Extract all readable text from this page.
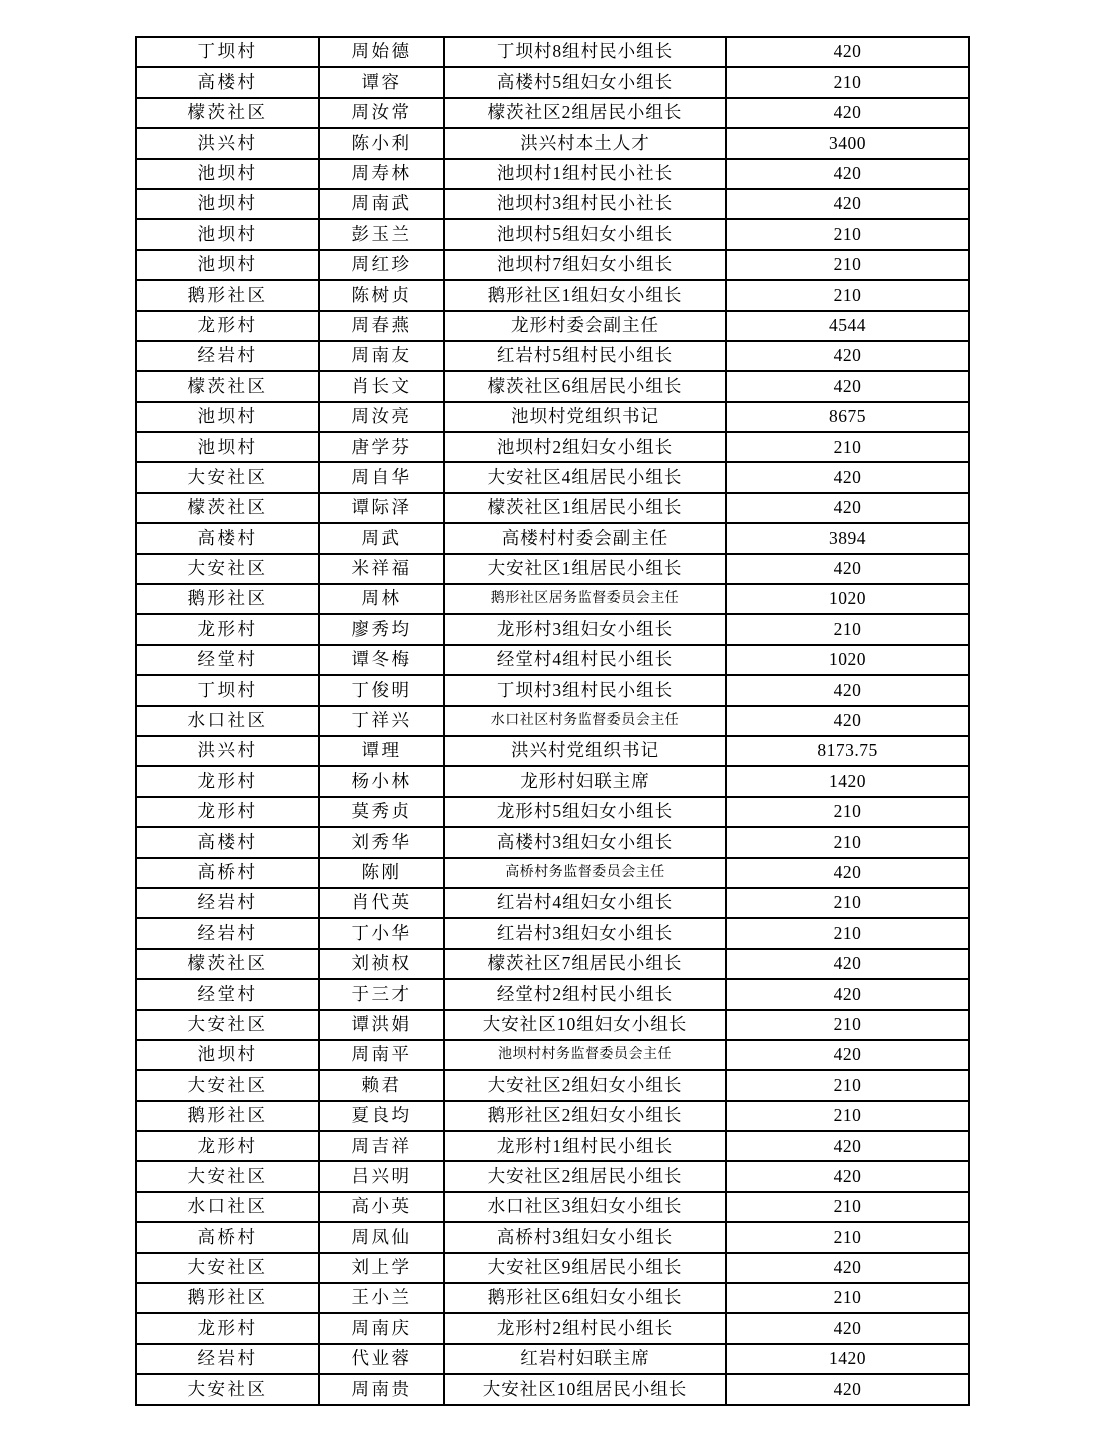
丁坝村	周始德	丁坝村8组村民小组长	420
高楼村	谭容	高楼村5组妇女小组长	210
檬茨社区	周汝常	檬茨社区2组居民小组长	420
洪兴村	陈小利	洪兴村本土人才	3400
池坝村	周寿林	池坝村1组村民小社长	420
池坝村	周南武	池坝村3组村民小社长	420
池坝村	彭玉兰	池坝村5组妇女小组长	210
池坝村	周红珍	池坝村7组妇女小组长	210
鹅形社区	陈树贞	鹅形社区1组妇女小组长	210
龙形村	周春燕	龙形村委会副主任	4544
经岩村	周南友	红岩村5组村民小组长	420
檬茨社区	肖长文	檬茨社区6组居民小组长	420
池坝村	周汝亮	池坝村党组织书记	8675
池坝村	唐学芬	池坝村2组妇女小组长	210
大安社区	周自华	大安社区4组居民小组长	420
檬茨社区	谭际泽	檬茨社区1组居民小组长	420
高楼村	周武	高楼村村委会副主任	3894
大安社区	米祥福	大安社区1组居民小组长	420
鹅形社区	周林	鹅形社区居务监督委员会主任	1020
龙形村	廖秀均	龙形村3组妇女小组长	210
经堂村	谭冬梅	经堂村4组村民小组长	1020
丁坝村	丁俊明	丁坝村3组村民小组长	420
水口社区	丁祥兴	水口社区村务监督委员会主任	420
洪兴村	谭理	洪兴村党组织书记	8173.75
龙形村	杨小林	龙形村妇联主席	1420
龙形村	莫秀贞	龙形村5组妇女小组长	210
高楼村	刘秀华	高楼村3组妇女小组长	210
高桥村	陈刚	高桥村务监督委员会主任	420
经岩村	肖代英	红岩村4组妇女小组长	210
经岩村	丁小华	红岩村3组妇女小组长	210
檬茨社区	刘祯权	檬茨社区7组居民小组长	420
经堂村	于三才	经堂村2组村民小组长	420
大安社区	谭洪娟	大安社区10组妇女小组长	210
池坝村	周南平	池坝村村务监督委员会主任	420
大安社区	赖君	大安社区2组妇女小组长	210
鹅形社区	夏良均	鹅形社区2组妇女小组长	210
龙形村	周吉祥	龙形村1组村民小组长	420
大安社区	吕兴明	大安社区2组居民小组长	420
水口社区	高小英	水口社区3组妇女小组长	210
高桥村	周凤仙	高桥村3组妇女小组长	210
大安社区	刘上学	大安社区9组居民小组长	420
鹅形社区	王小兰	鹅形社区6组妇女小组长	210
龙形村	周南庆	龙形村2组村民小组长	420
经岩村	代业蓉	红岩村妇联主席	1420
大安社区	周南贵	大安社区10组居民小组长	420
